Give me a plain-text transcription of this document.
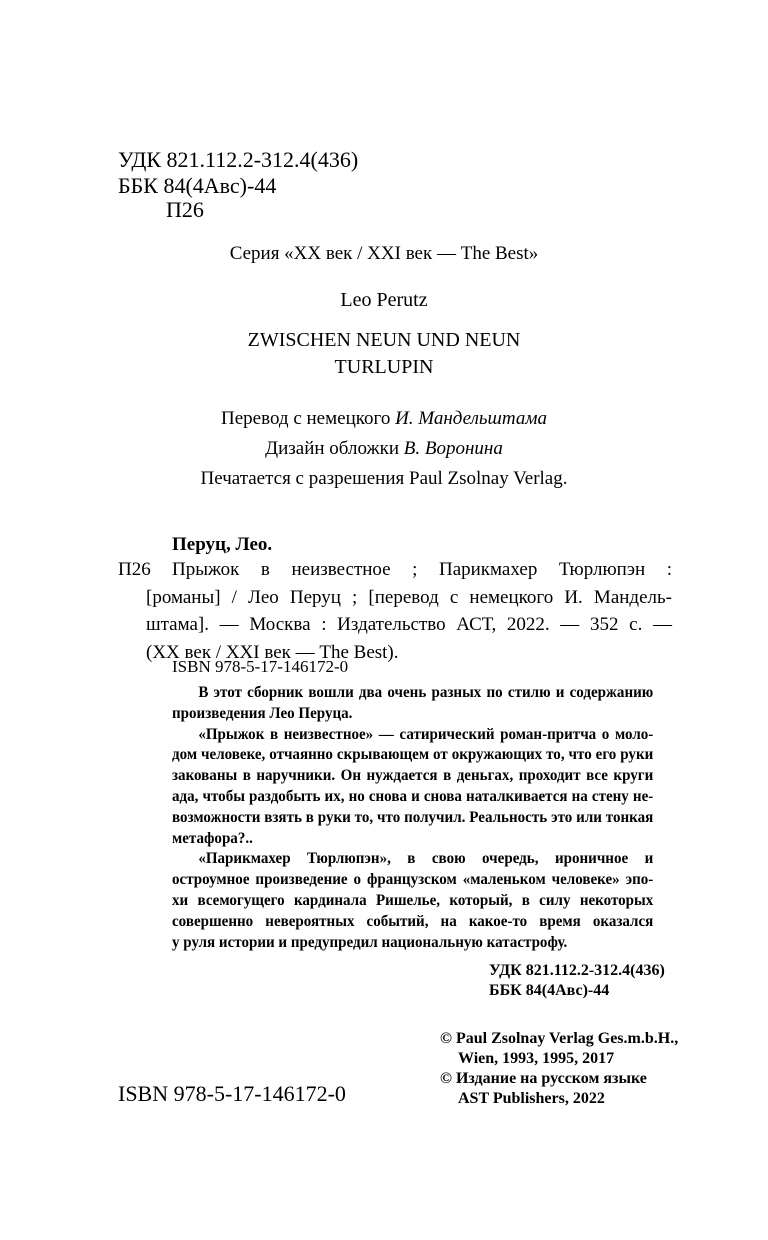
УДК 821.112.2-312.4(436)
ББК 84(4Авс)-44
П26
Серия «XX век / XXI век — The Best»
Leo Perutz
ZWISCHEN NEUN UND NEUN
TURLUPIN
Перевод с немецкого И. Мандельштама
Дизайн обложки В. Воронина
Печатается с разрешения Paul Zsolnay Verlag.
Перуц, Лео.
П26 Прыжок в неизвестное ; Парикмахер Тюрлюпэн :

[романы] / Лео Перуц ; [перевод с немецкого И. Мандель-

штама]. — Москва : Издательство АСТ, 2022. — 352 с. —

(XX век / XXI век — The Best).

ISBN 978-5-17-146172-0
В этот сборник вошли два очень разных по стилю и содержанию
произведения Лео Перуца.
«Прыжок в неизвестное» — сатирический роман-притча о моло-
дом человеке, отчаянно скрывающем от окружающих то, что его руки
закованы в наручники. Он нуждается в деньгах, проходит все круги
ада, чтобы раздобыть их, но снова и снова наталкивается на стену не-
возможности взять в руки то, что получил. Реальность это или тонкая
метафора?..
«Парикмахер Тюрлюпэн», в свою очередь, ироничное и
остроумное произведение о французском «маленьком человеке» эпо-
хи всемогущего кардинала Ришелье, который, в силу некоторых
совершенно невероятных событий, на какое-то время оказался
у руля истории и предупредил национальную катастрофу.
УДК 821.112.2-312.4(436)
ББК 84(4Авс)-44
© Paul Zsolnay Verlag Ges.m.b.H.,
Wien, 1993, 1995, 2017
© Издание на русском языке
AST Publishers, 2022
ISBN 978-5-17-146172-0
